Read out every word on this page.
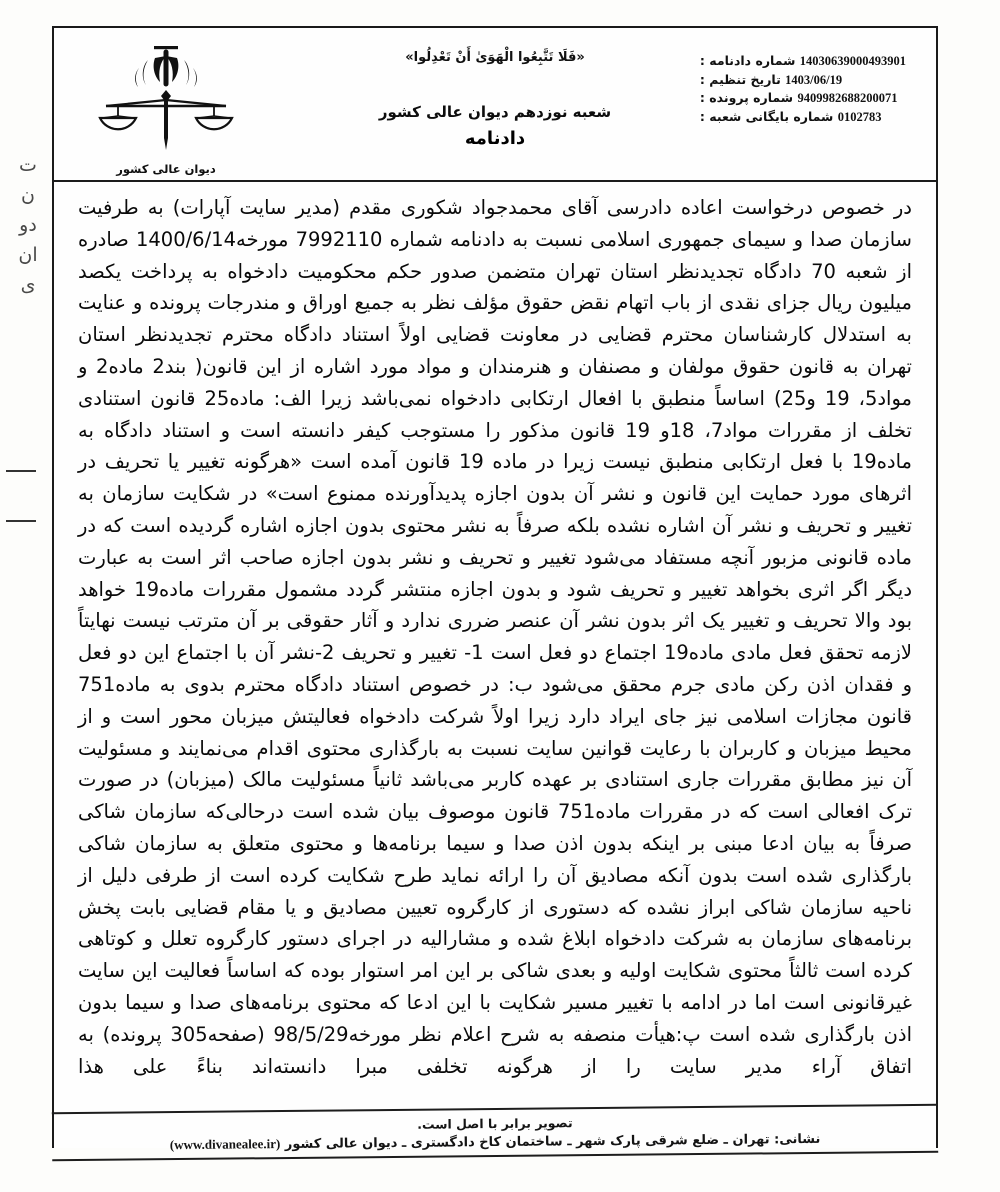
ت
ن
دو
ان
ی
14030639000493901 شماره دادنامه :
1403/06/19 تاریخ تنظیم :
9409982688200071 شماره پرونده :
0102783 شماره بایگانی شعبه :
«فَلَا تَتَّبِعُوا الْهَوَىٰ أَنْ تَعْدِلُوا»
شعبه نوزدهم دیوان عالی کشور
دادنامه
دیوان عالی کشور

در خصوص درخواست اعاده دادرسی آقای محمدجواد شکوری مقدم (مدیر سایت آپارات) به طرفیت سازمان صدا و سیمای جمهوری اسلامی نسبت به دادنامه شماره 7992110 مورخه1400/6/14 صادره از شعبه 70 دادگاه تجدیدنظر استان تهران متضمن صدور حکم محکومیت دادخواه به پرداخت یکصد میلیون ریال جزای نقدی از باب اتهام نقض حقوق مؤلف نظر به جمیع اوراق و مندرجات پرونده و عنایت به استدلال کارشناسان محترم قضایی در معاونت قضایی اولاً استناد دادگاه محترم تجدیدنظر استان تهران به قانون حقوق مولفان و مصنفان و هنرمندان و مواد مورد اشاره از این قانون( بند2 ماده2 و مواد5، 19 و25) اساساً منطبق با افعال ارتکابی دادخواه نمی‌باشد زیرا الف: ماده25 قانون استنادی تخلف از مقررات مواد7، 18و 19 قانون مذکور را مستوجب کیفر دانسته است و استناد دادگاه به ماده19 با فعل ارتکابی منطبق نیست زیرا در ماده 19 قانون آمده است «هرگونه تغییر یا تحریف در اثرهای مورد حمایت این قانون و نشر آن بدون اجازه پدیدآورنده ممنوع است» در شکایت سازمان به تغییر و تحریف و نشر آن اشاره نشده بلکه صرفاً به نشر محتوی بدون اجازه اشاره گردیده است که در ماده قانونی مزبور آنچه مستفاد می‌شود تغییر و تحریف و نشر بدون اجازه صاحب اثر است به عبارت دیگر اگر اثری بخواهد تغییر و تحریف شود و بدون اجازه منتشر گردد مشمول مقررات ماده19 خواهد بود والا تحریف و تغییر یک اثر بدون نشر آن عنصر ضرری ندارد و آثار حقوقی بر آن مترتب نیست نهایتاً لازمه تحقق فعل مادی ماده19 اجتماع دو فعل است 1- تغییر و تحریف 2-نشر آن با اجتماع این دو فعل و فقدان اذن رکن مادی جرم محقق می‌شود ب: در خصوص استناد دادگاه محترم بدوی به ماده751 قانون مجازات اسلامی نیز جای ایراد دارد زیرا اولاً شرکت دادخواه فعالیتش میزبان محور است و از محیط میزبان و کاربران با رعایت قوانین سایت نسبت به بارگذاری محتوی اقدام می‌نمایند و مسئولیت آن نیز مطابق مقررات جاری استنادی بر عهده کاربر می‌باشد ثانیاً مسئولیت مالک (میزبان) در صورت ترک افعالی است که در مقررات ماده751 قانون موصوف بیان شده است درحالی‌که سازمان شاکی صرفاً به بیان ادعا مبنی بر اینکه بدون اذن صدا و سیما برنامه‌ها و محتوی متعلق به سازمان شاکی بارگذاری شده است بدون آنکه مصادیق آن را ارائه نماید طرح شکایت کرده است از طرفی دلیل از ناحیه سازمان شاکی ابراز نشده که دستوری از کارگروه تعیین مصادیق و یا مقام قضایی بابت پخش برنامه‌های سازمان به شرکت دادخواه ابلاغ شده و مشارالیه در اجرای دستور کارگروه تعلل و کوتاهی کرده است ثالثاً محتوی شکایت اولیه و بعدی شاکی بر این امر استوار بوده که اساساً فعالیت این سایت غیرقانونی است اما در ادامه با تغییر مسیر شکایت با این ادعا که محتوی برنامه‌های صدا و سیما بدون اذن بارگذاری شده است پ:هیأت منصفه به شرح اعلام نظر مورخه98/5/29 (صفحه305 پرونده) به اتفاق آراء مدیر سایت را از هرگونه تخلفی مبرا دانسته‌اند بناءً علی هذا

تصویر برابر با اصل است.
نشانی: تهران ـ ضلع شرقی پارک شهر ـ ساختمان کاخ دادگستری ـ دیوان عالی کشور (www.divanealee.ir)
